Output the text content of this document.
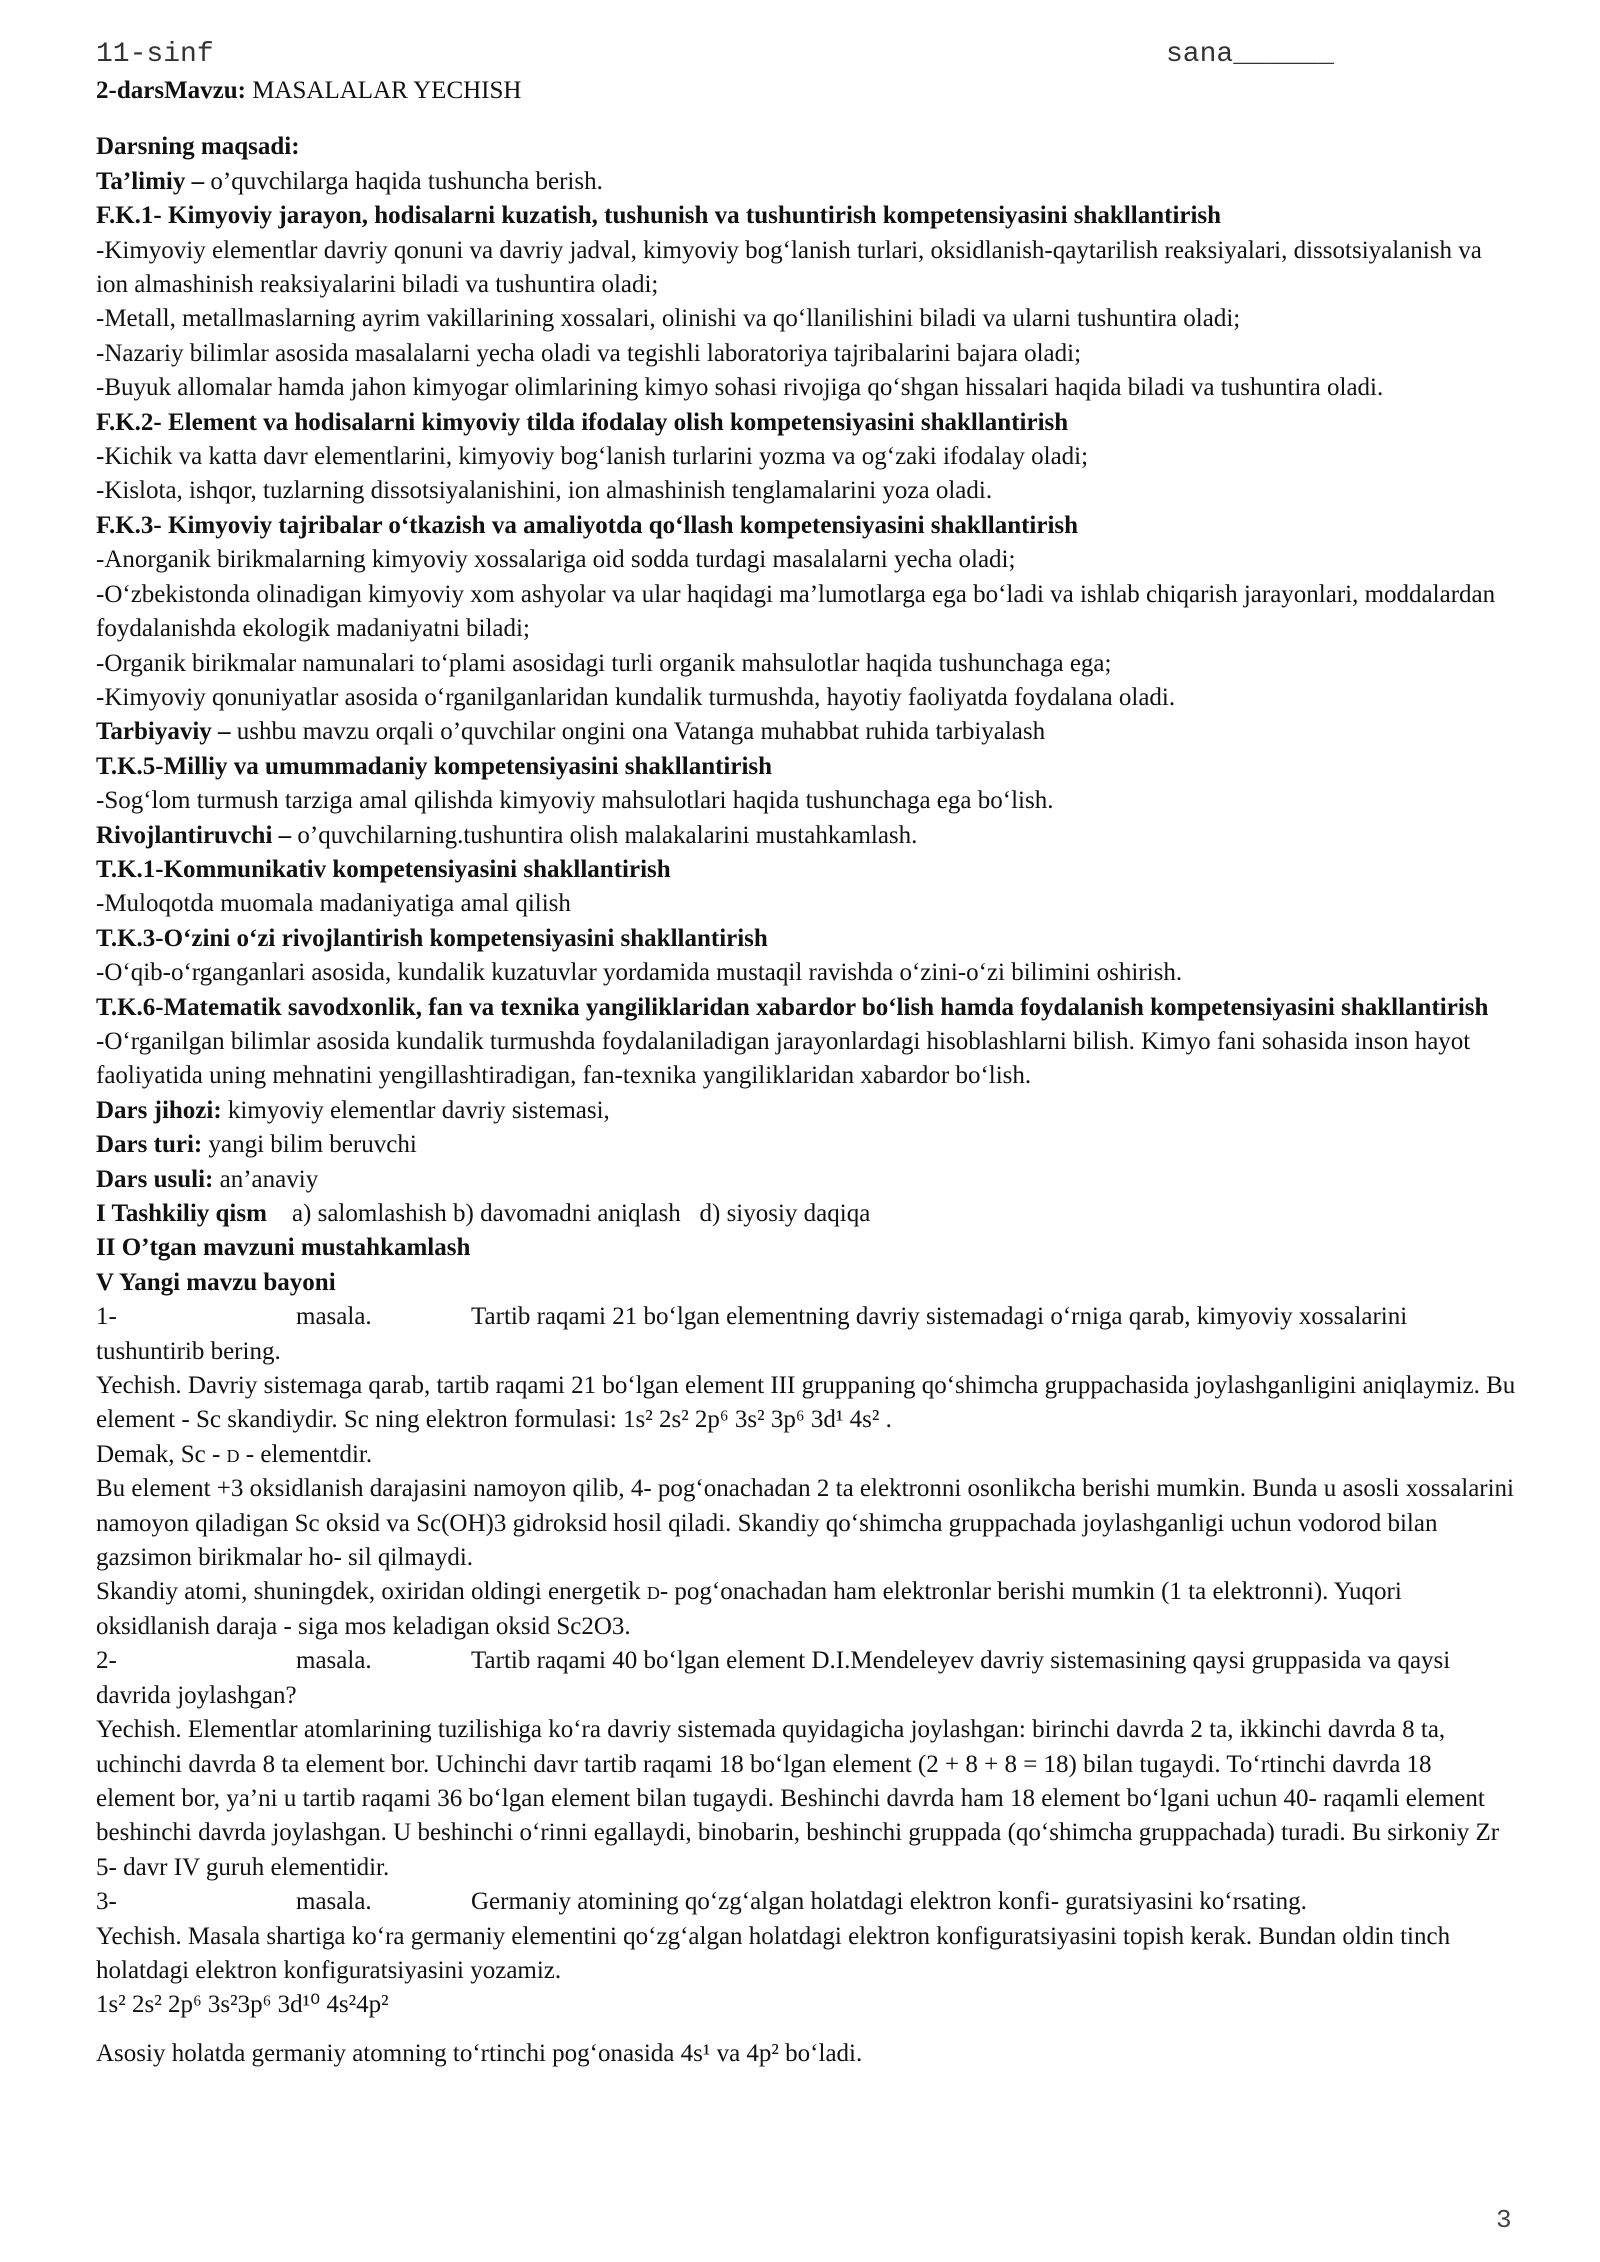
11-sinf	sana______

2-darsMavzu: MASALALAR YECHISH

Darsning maqsadi:

Ta’limiy – o’quvchilarga haqida tushuncha berish.

F.K.1- Kimyoviy jarayon, hodisalarni kuzatish, tushunish va tushuntirish kompetensiyasini shakllantirish

-Kimyoviy elementlar davriy qonuni va davriy jadval, kimyoviy bog‘lanish turlari, oksidlanish-qaytarilish reaksiyalari, dissotsiyalanish va ion almashinish reaksiyalarini biladi va tushuntira oladi;

-Metall, metallmaslarning ayrim vakillarining xossalari, olinishi va qo‘llanilishini biladi va ularni tushuntira oladi;

-Nazariy bilimlar asosida masalalarni yecha oladi va tegishli laboratoriya tajribalarini bajara oladi;

-Buyuk allomalar hamda jahon kimyogar olimlarining kimyo sohasi rivojiga qo‘shgan hissalari haqida biladi va tushuntira oladi.

F.K.2- Element va hodisalarni kimyoviy tilda ifodalay olish kompetensiyasini shakllantirish

-Kichik va katta davr elementlarini, kimyoviy bog‘lanish turlarini yozma va og‘zaki ifodalay oladi;

-Kislota, ishqor, tuzlarning dissotsiyalanishini, ion almashinish tenglamalarini yoza oladi.

F.K.3- Kimyoviy tajribalar o‘tkazish va amaliyotda qo‘llash kompetensiyasini shakllantirish

-Anorganik birikmalarning kimyoviy xossalariga oid sodda turdagi masalalarni yecha oladi;

-O‘zbekistonda olinadigan kimyoviy xom ashyolar va ular haqidagi ma’lumotlarga ega bo‘ladi va ishlab chiqarish jarayonlari, moddalardan foydalanishda ekologik madaniyatni biladi;

-Organik birikmalar namunalari to‘plami asosidagi turli organik mahsulotlar haqida tushunchaga ega;

-Kimyoviy qonuniyatlar asosida o‘rganilganlaridan kundalik turmushda, hayotiy faoliyatda foydalana oladi.

Tarbiyaviy – ushbu mavzu orqali o’quvchilar ongini ona Vatanga muhabbat ruhida tarbiyalash

T.K.5-Milliy va umummadaniy kompetensiyasini shakllantirish

-Sog‘lom turmush tarziga amal qilishda kimyoviy mahsulotlari haqida tushunchaga ega bo‘lish.

Rivojlantiruvchi – o’quvchilarning.tushuntira olish malakalarini mustahkamlash.

T.K.1-Kommunikativ kompetensiyasini shakllantirish

-Muloqotda muomala madaniyatiga amal qilish

T.K.3-O‘zini o‘zi rivojlantirish kompetensiyasini shakllantirish

-O‘qib-o‘rganganlari asosida, kundalik kuzatuvlar yordamida mustaqil ravishda o‘zini-o‘zi bilimini oshirish.

T.K.6-Matematik savodxonlik, fan va texnika yangiliklaridan xabardor bo‘lish hamda foydalanish kompetensiyasini shakllantirish

-O‘rganilgan bilimlar asosida kundalik turmushda foydalaniladigan jarayonlardagi hisoblashlarni bilish. Kimyo fani sohasida inson hayot faoliyatida uning mehnatini yengillashtiradigan, fan-texnika yangiliklaridan xabardor bo‘lish.

Dars jihozi: kimyoviy elementlar davriy sistemasi,

Dars turi: yangi bilim beruvchi

Dars usuli: an’anaviy

I Tashkiliy qism    a) salomlashish b) davomadni aniqlash   d) siyosiy daqiqa

II O’tgan mavzuni mustahkamlash

V Yangi mavzu bayoni

1-	masala.	Tartib raqami 21 bo‘lgan elementning davriy sistemadagi o‘rniga qarab, kimyoviy xossalarini tushuntirib bering.

Yechish. Davriy sistemaga qarab, tartib raqami 21 bo‘lgan element III gruppaning qo‘shimcha gruppachasida joylashganligini aniqlaymiz. Bu element - Sc skandiydir. Sc ning elektron formulasi: 1s² 2s² 2p⁶ 3s² 3p⁶ 3d¹ 4s² .

Demak, Sc - d - elementdir.

Bu element +3 oksidlanish darajasini namoyon qilib, 4- pog‘onachadan 2 ta elektronni osonlikcha berishi mumkin. Bunda u asosli xossalarini namoyon qiladigan Sc oksid va Sc(OH)3 gidroksid hosil qiladi. Skandiy qo‘shimcha gruppachada joylashganligi uchun vodorod bilan gazsimon birikmalar ho- sil qilmaydi.

Skandiy atomi, shuningdek, oxiridan oldingi energetik d- pog‘onachadan ham elektronlar berishi mumkin (1 ta elektronni). Yuqori oksidlanish daraja - siga mos keladigan oksid Sc2O3.

2-	masala.	Tartib raqami 40 bo‘lgan element D.I.Mendeleyev davriy sistemasining qaysi gruppasida va qaysi davrida joylashgan?

Yechish. Elementlar atomlarining tuzilishiga ko‘ra davriy sistemada quyidagicha joylashgan: birinchi davrda 2 ta, ikkinchi davrda 8 ta, uchinchi davrda 8 ta element bor. Uchinchi davr tartib raqami 18 bo‘lgan element (2 + 8 + 8 = 18) bilan tugaydi. To‘rtinchi davrda 18 element bor, ya’ni u tartib raqami 36 bo‘lgan element bilan tugaydi. Beshinchi davrda ham 18 element bo‘lgani uchun 40- raqamli element beshinchi davrda joylashgan. U beshinchi o‘rinni egallaydi, binobarin, beshinchi gruppada (qo‘shimcha gruppachada) turadi. Bu sirkoniy Zr 5- davr IV guruh elementidir.

3-	masala.	Germaniy atomining qo‘zg‘algan holatdagi elektron konfi- guratsiyasini ko‘rsating.

Yechish. Masala shartiga ko‘ra germaniy elementini qo‘zg‘algan holatdagi elektron konfiguratsiyasini topish kerak. Bundan oldin tinch holatdagi elektron konfiguratsiyasini yozamiz.

1s² 2s² 2p⁶ 3s²3p⁶ 3d¹⁰ 4s²4p²

Asosiy holatda germaniy atomning to‘rtinchi pog‘onasida 4s¹ va 4p² bo‘ladi.

3
